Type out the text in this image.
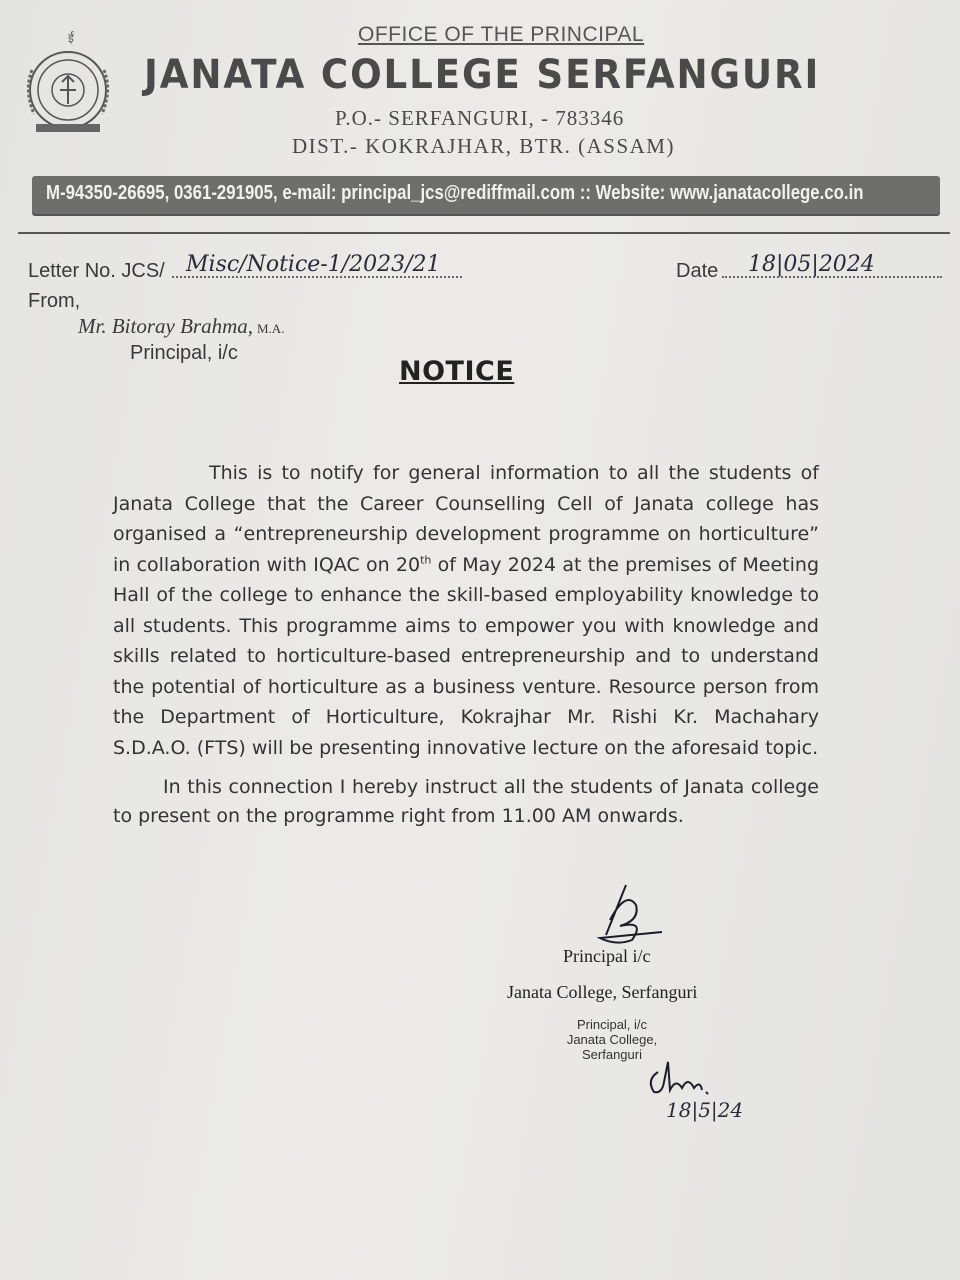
ई	OFFICE OF THE PRINCIPAL
JANATA COLLEGE SERFANGURI
P.O.- SERFANGURI, - 783346
DIST.- KOKRAJHAR, BTR. (ASSAM)
M-94350-26695, 0361-291905, e-mail: principal_jcs@rediffmail.com :: Website: www.janatacollege.co.in
Letter No. JCS/ Misc/Notice-1/2023/21	Date 18|05|2024
From,
Mr. Bitoray Brahma, M.A.
Principal, i/c
NOTICE

This is to notify for general information to all the students of Janata College that the Career Counselling Cell of Janata college has organised a “entrepreneurship development programme on horticulture” in collaboration with IQAC on 20th of May 2024 at the premises of Meeting Hall of the college to enhance the skill-based employability knowledge to all students. This programme aims to empower you with knowledge and skills related to horticulture-based entrepreneurship and to understand the potential of horticulture as a business venture. Resource person from the Department of Horticulture, Kokrajhar Mr. Rishi Kr. Machahary S.D.A.O. (FTS) will be presenting innovative lecture on the aforesaid topic.

In this connection I hereby instruct all the students of Janata college to present on the programme right from 11.00 AM onwards.

Principal i/c
Janata College, Serfanguri
Principal, i/c
Janata College,
Serfanguri
18|5|24
